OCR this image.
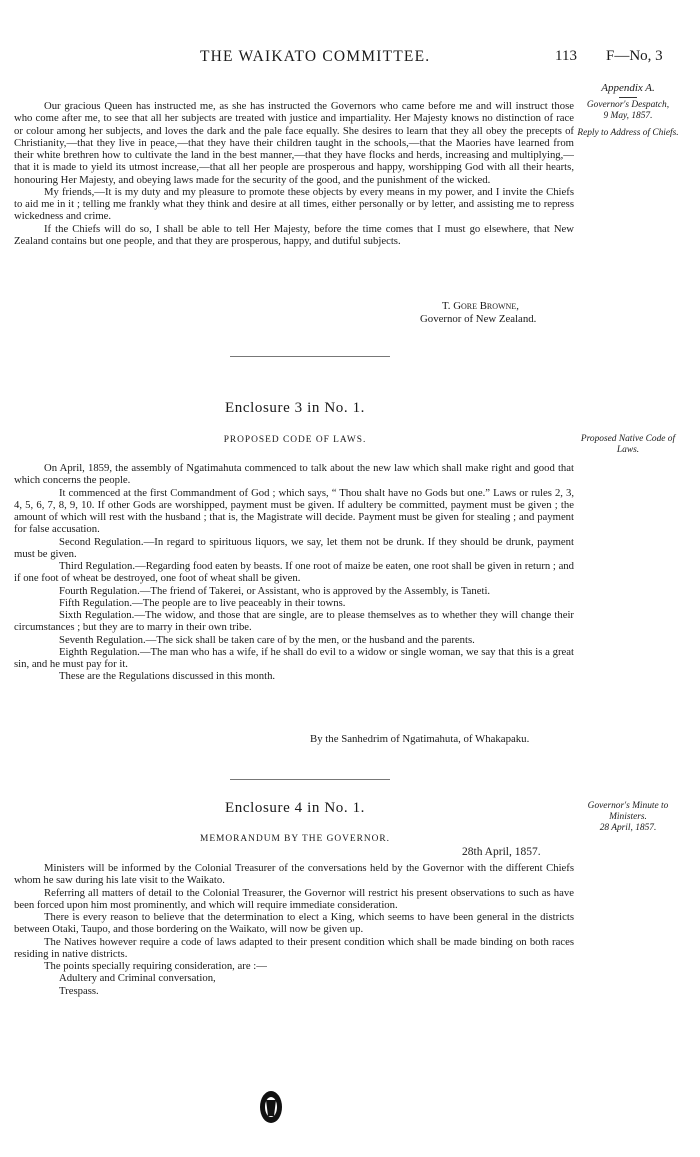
THE WAIKATO COMMITTEE.	113 F—No, 3
Appendix A.
Governor's Despatch,
9 May, 1857.
Reply to Address of Chiefs.
Proposed Native Code of Laws.
Governor's Minute to Ministers.
28 April, 1857.

Our gracious Queen has instructed me, as she has instructed the Governors who came before me and will instruct those who come after me, to see that all her subjects are treated with justice and impartiality. Her Majesty knows no distinction of race or colour among her subjects, and loves the dark and the pale face equally. She desires to learn that they all obey the precepts of Christianity,—that they live in peace,—that they have their children taught in the schools,—that the Maories have learned from their white brethren how to cultivate the land in the best manner,—that they have flocks and herds, increasing and multiplying,—that it is made to yield its utmost increase,—that all her people are prosperous and happy, worshipping God with all their hearts, honouring Her Majesty, and obeying laws made for the security of the good, and the punishment of the wicked.

My friends,—It is my duty and my pleasure to promote these objects by every means in my power, and I invite the Chiefs to aid me in it ; telling me frankly what they think and desire at all times, either personally or by letter, and assisting me to repress wickedness and crime.

If the Chiefs will do so, I shall be able to tell Her Majesty, before the time comes that I must go elsewhere, that New Zealand contains but one people, and that they are prosperous, happy, and dutiful subjects.

T. Gore Browne,
Governor of New Zealand.
Enclosure 3 in No. 1.
PROPOSED CODE OF LAWS.

On April, 1859, the assembly of Ngatimahuta commenced to talk about the new law which shall make right and good that which concerns the people.

It commenced at the first Commandment of God ; which says, “ Thou shalt have no Gods but one.” Laws or rules 2, 3, 4, 5, 6, 7, 8, 9, 10. If other Gods are worshipped, payment must be given. If adultery be committed, payment must be given ; the amount of which will rest with the husband ; that is, the Magistrate will decide. Payment must be given for stealing ; and payment for false accusation.

Second Regulation.—In regard to spirituous liquors, we say, let them not be drunk. If they should be drunk, payment must be given.

Third Regulation.—Regarding food eaten by beasts. If one root of maize be eaten, one root shall be given in return ; and if one foot of wheat be destroyed, one foot of wheat shall be given.

Fourth Regulation.—The friend of Takerei, or Assistant, who is approved by the Assembly, is Taneti.

Fifth Regulation.—The people are to live peaceably in their towns.

Sixth Regulation.—The widow, and those that are single, are to please themselves as to whether they will change their circumstances ; but they are to marry in their own tribe.

Seventh Regulation.—The sick shall be taken care of by the men, or the husband and the parents.

Eighth Regulation.—The man who has a wife, if he shall do evil to a widow or single woman, we say that this is a great sin, and he must pay for it.

These are the Regulations discussed in this month.

By the Sanhedrim of Ngatimahuta, of Whakapaku.
Enclosure 4 in No. 1.
MEMORANDUM BY THE GOVERNOR.
28th April, 1857.

Ministers will be informed by the Colonial Treasurer of the conversations held by the Governor with the different Chiefs whom he saw during his late visit to the Waikato.

Referring all matters of detail to the Colonial Treasurer, the Governor will restrict his present observations to such as have been forced upon him most prominently, and which will require immediate consideration.

There is every reason to believe that the determination to elect a King, which seems to have been general in the districts between Otaki, Taupo, and those bordering on the Waikato, will now be given up.

The Natives however require a code of laws adapted to their present condition which shall be made binding on both races residing in native districts.

The points specially requiring consideration, are :—

Adultery and Criminal conversation,

Trespass.
